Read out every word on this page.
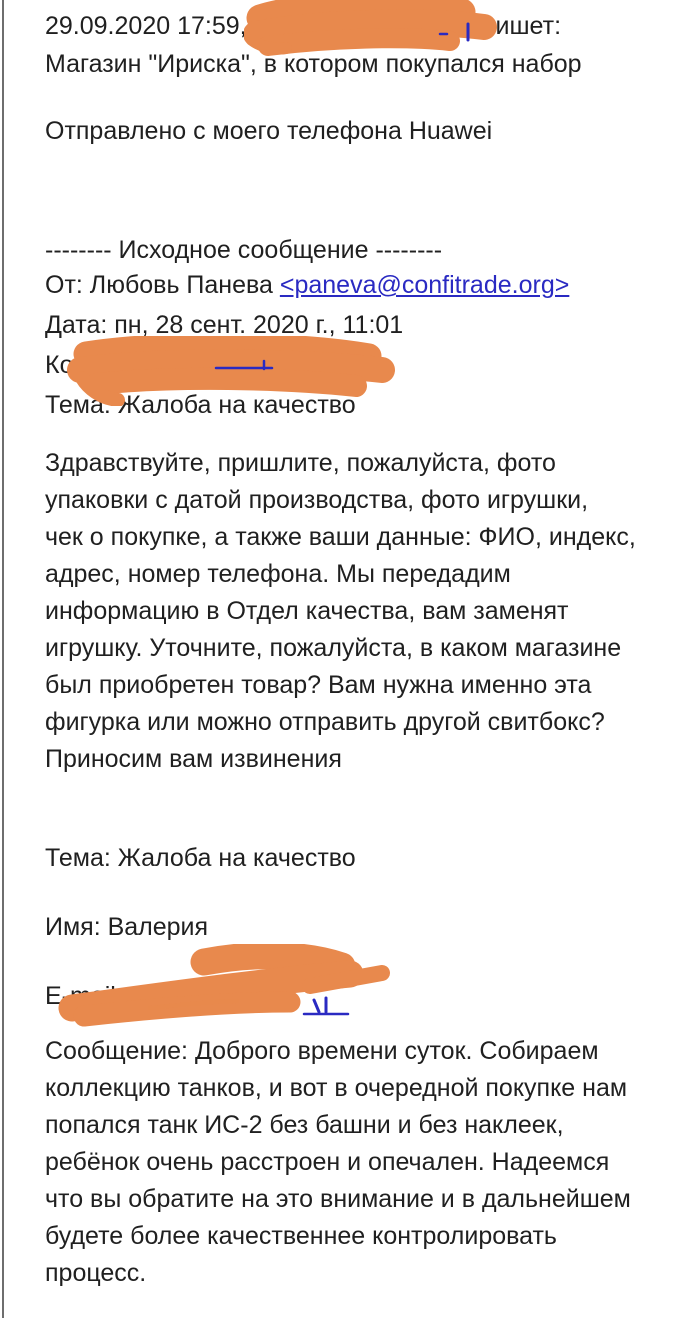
29.09.2020 17:59,	пишет:
Магазин "Ириска", в котором покупался набор
Отправлено с моего телефона Huawei
-------- Исходное сообщение --------
От: Любовь Панева <paneva@confitrade.org>
Дата: пн, 28 сент. 2020 г., 11:01
Кому:
Тема: Жалоба на качество
Здравствуйте, пришлите, пожалуйста, фото
упаковки с датой производства, фото игрушки,
чек о покупке, а также ваши данные: ФИО, индекс,
адрес, номер телефона. Мы передадим
информацию в Отдел качества, вам заменят
игрушку. Уточните, пожалуйста, в каком магазине
был приобретен товар? Вам нужна именно эта
фигурка или можно отправить другой свитбокс?
Приносим вам извинения
Тема: Жалоба на качество
Имя: Валерия
E-mail:
Сообщение: Доброго времени суток. Собираем
коллекцию танков, и вот в очередной покупке нам
попался танк ИС-2 без башни и без наклеек,
ребёнок очень расстроен и опечален. Надеемся
что вы обратите на это внимание и в дальнейшем
будете более качественнее контролировать
процесс.
